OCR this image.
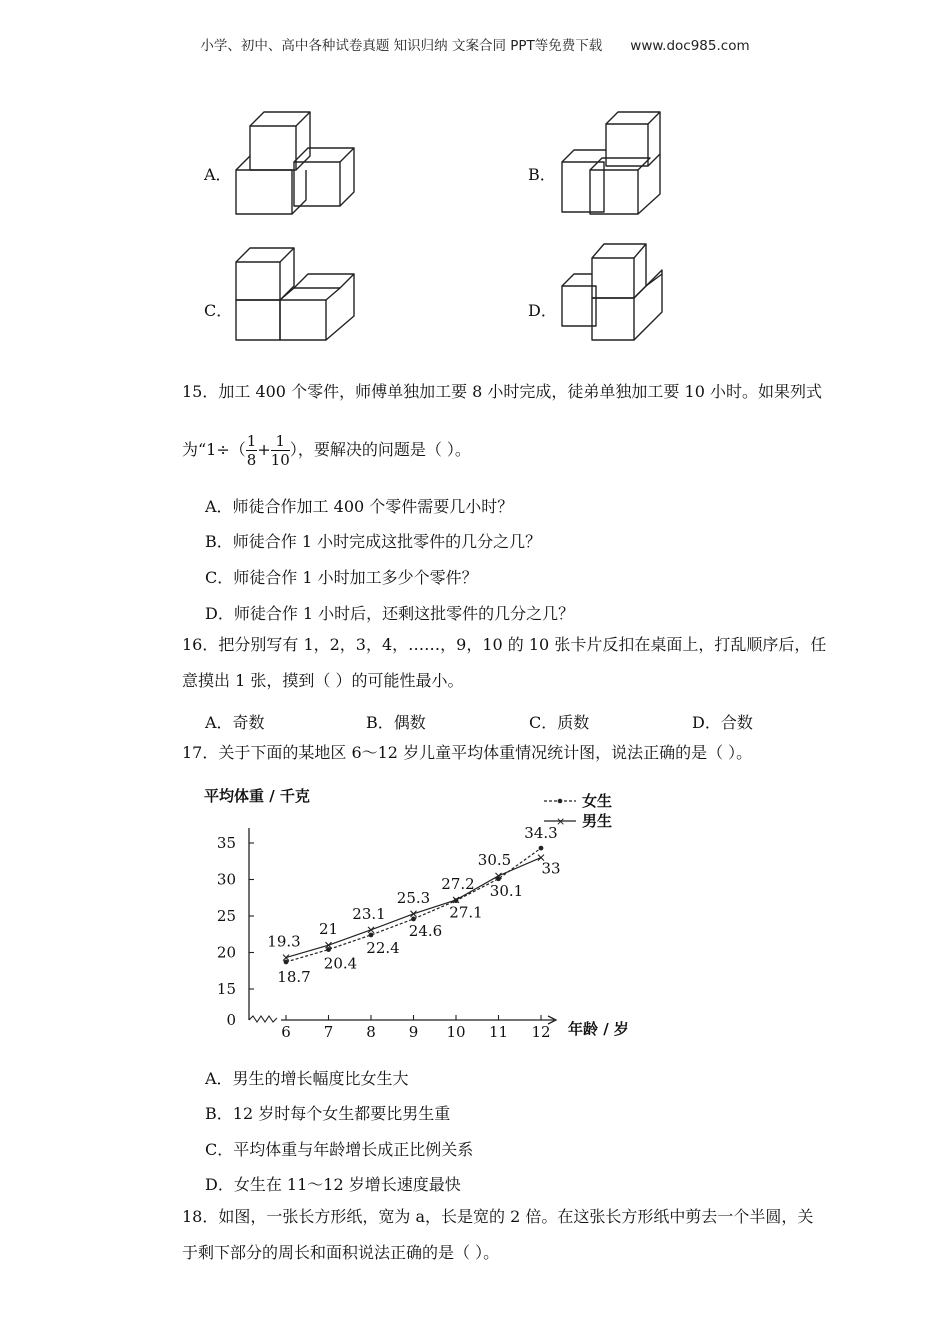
小学、初中、高中各种试卷真题 知识归纳 文案合同 PPT等免费下载 www.doc985.com
A．	B．
C．	D．
15．加工 400 个零件，师傅单独加工要 8 小时完成，徒弟单独加工要 10 小时。如果列式
为“$1\div( \frac{1}{8} + \frac{1}{10}$ ），要解决的问题是（ ）。
A．师徒合作加工 400 个零件需要几小时？
B．师徒合作 1 小时完成这批零件的几分之几？
C．师徒合作 1 小时加工多少个零件？
D．师徒合作 1 小时后，还剩这批零件的几分之几？
16．把分别写有 1，2，3，4，……，9，10 的 10 张卡片反扣在桌面上，打乱顺序后，任
意摸出 1 张，摸到（ ）的可能性最小。
A．奇数	B．偶数	C．质数	D．合数
17．关于下面的某地区 6～12 岁儿童平均体重情况统计图，说法正确的是（ ）。
平均体重 / 千克
年龄 / 岁
女生
× 男生
0
15
20
25
30
35
6 7 8 9 10 11 12
18.7
20.4
22.4
24.6
27.1
30.1
34.3
19.3
21
23.1
25.3
27.2
30.5 33
A．男生的增长幅度比女生大
B．12 岁时每个女生都要比男生重
C．平均体重与年龄增长成正比例关系
D．女生在 11～12 岁增长速度最快
18．如图，一张长方形纸，宽为 a，长是宽的 2 倍。在这张长方形纸中剪去一个半圆，关
于剩下部分的周长和面积说法正确的是（ ）。
